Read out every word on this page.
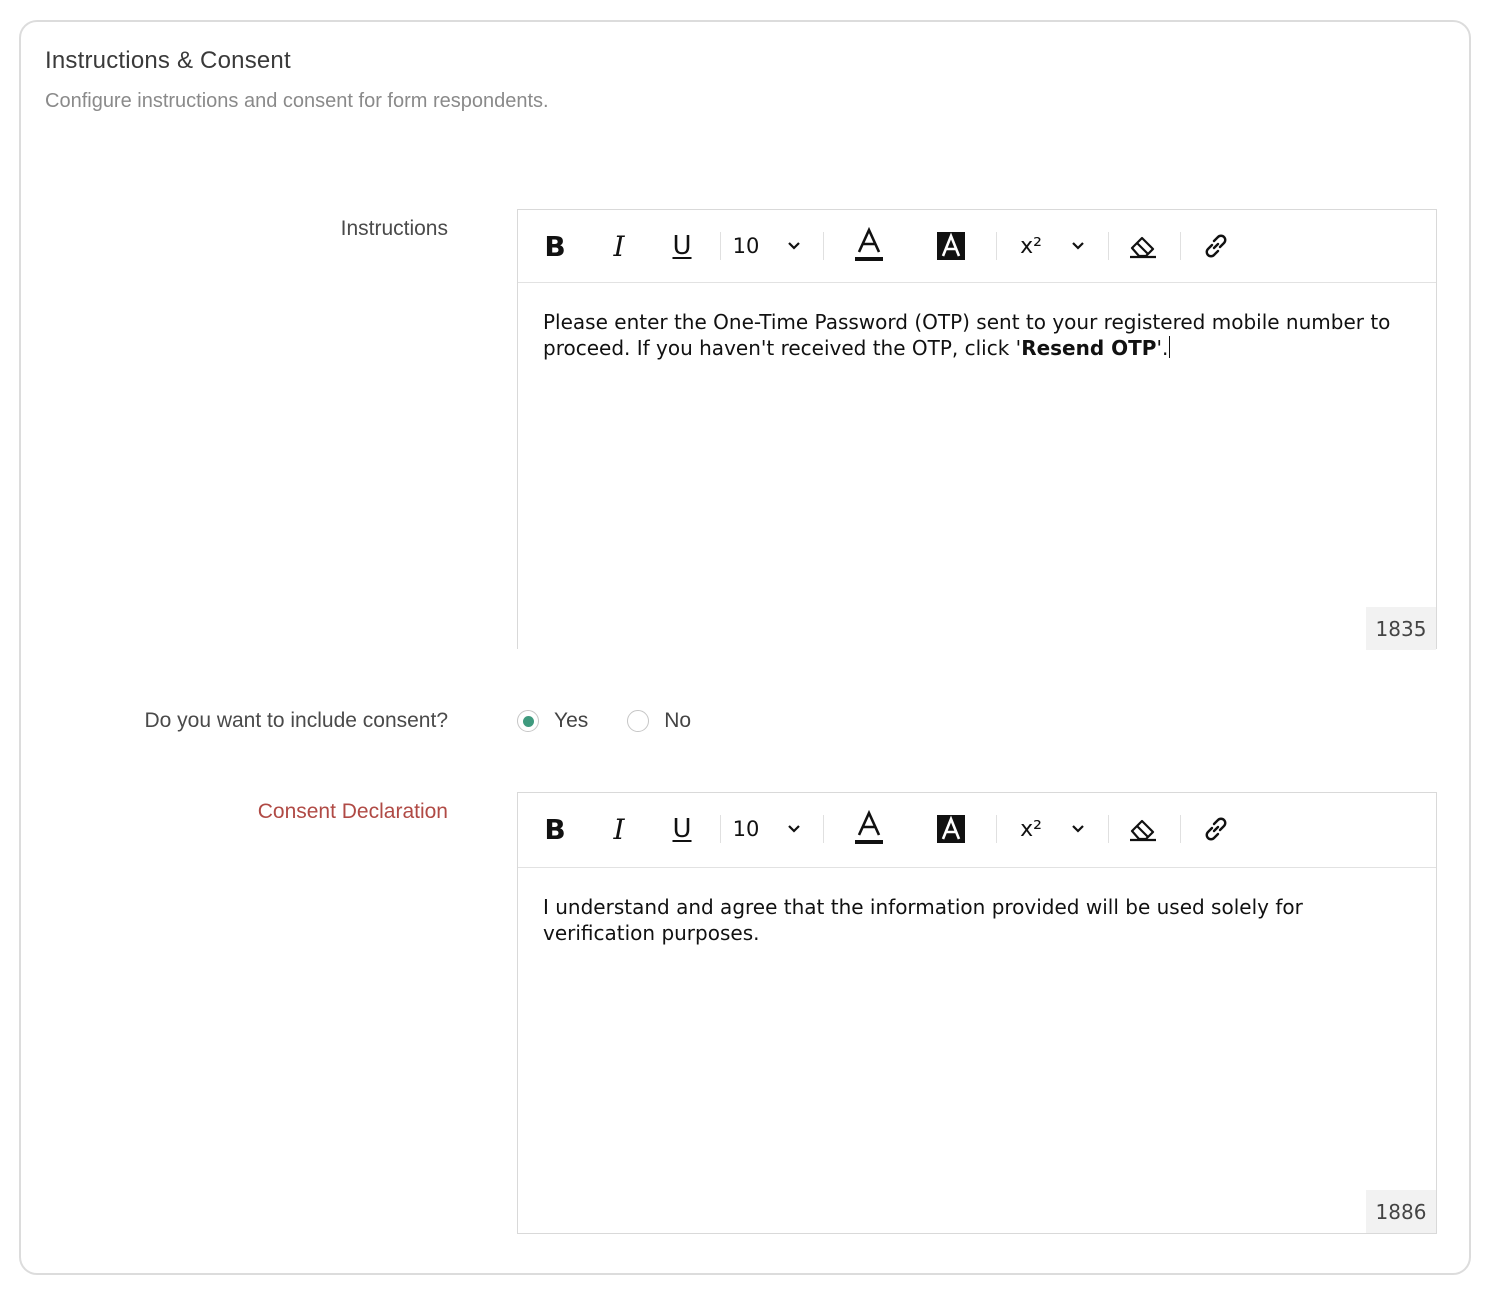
Instructions & Consent
Configure instructions and consent for form respondents.
Instructions
B I U 10	x²
Please enter the One-Time Password (OTP) sent to your registered mobile number to proceed. If you haven't received the OTP, click 'Resend OTP'.
1835
Do you want to include consent?	Yes	No
Consent Declaration
B I U 10	x²
I understand and agree that the information provided will be used solely for verification purposes.
1886
